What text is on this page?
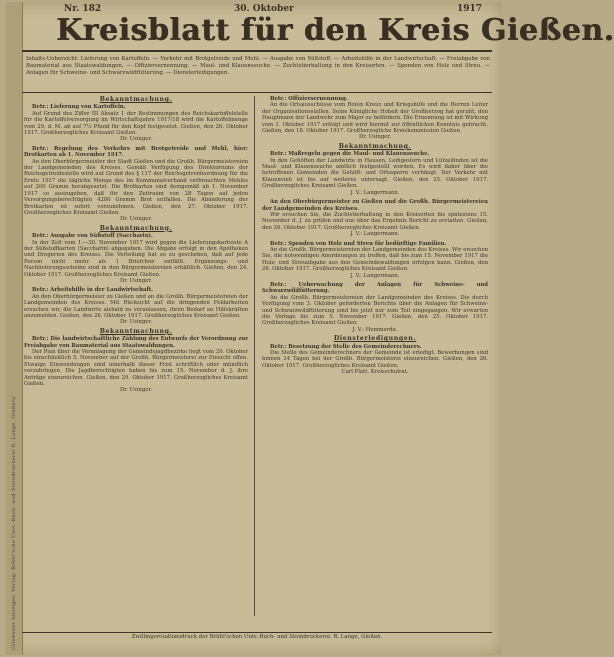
(Gießener Anzeiger, Verlag: Brühl'sche Univ.-Buch- und Steindruckerei R. Lange, Gießen)
Nr. 182	30. Oktober	1917
Kreisblatt für den Kreis Gießen.
Inhalts-Uebersicht: Lieferung von Kartoffeln. — Verkehr mit Brotgetreide und Mehl. — Ausgabe von Süßstoff. — Arbeitshilfe in der Landwirtschaft. — Freiabgabe von Baumaterial aus Staatswaldungen. — Offiziersernennung. — Maul- und Klauenseuche. — Zuchtstierhaltung in den Kreisorten. — Spenden von Holz und Streu. — Anlagen für Schweine- und Schwarzwildfütterung. — Diensterledigungen.
Bekanntmachung.
Betr.: Lieferung von Kartoffeln.
Auf Grund des Ziffer III Absatz 1 der Bestimmungen des Reichskartoffelstelle für die Kartoffelversorgung im Wirtschaftsjahre 1917/18 wird die Kartoffelmenge vom 29. d. M. ab auf 7¼ Pfund für den Kopf festgesetzt. Gießen, den 26. Oktober 1917. Großherzogliches Kreisamt Gießen.
Dr. Usinger.
Betr.: Regelung des Verkehrs mit Brotgetreide und Mehl, hier: Brotkarten ab 1. November 1917.
An den Oberbürgermeister der Stadt Gießen und die Großh. Bürgermeistereien der Landgemeinden des Kreises. Gemäß Verfügung des Direktoriums der Reichsgetreidestelle wird auf Grund des § 117 der Reichsgetreideordnung für die Ernte 1917 die tägliche Menge des im Kommunalverband verbrauchten Mehles auf 200 Gramm herabgesetzt. Die Brotkarten sind demgemäß ab 1. November 1917 so auszugeben, daß für den Zeitraum von 28 Tagen auf jeden Versorgungsberechtigten 4200 Gramm Brot entfallen. Die Abänderung der Brotkarten ist sofort vorzunehmen. Gießen, den 27. Oktober 1917. Großherzogliches Kreisamt Gießen.
Dr. Usinger.
Bekanntmachung.
Betr.: Ausgabe von Süßstoff (Saccharin).
In der Zeit vom 1.—30. November 1917 wird gegen die Lieferungskarteiste A der Süßstoffkarten (Saccharin) abgegeben. Die Abgabe erfolgt in den Apotheken und Drogerien des Kreises. Die Verteilung hat so zu geschehen, daß auf jede Person nicht mehr als 1 Briefchen entfällt. Ergänzungs- und Nachlieferungsscheine sind in den Bürgermeistereien erhältlich. Gießen, den 24. Oktober 1917. Großherzogliches Kreisamt Gießen.
Dr. Usinger.
Betr.: Arbeitshilfe in der Landwirtschaft.
An den Oberbürgermeister zu Gießen und an die Großh. Bürgermeistereien der Landgemeinden des Kreises. Mit Rücksicht auf die dringenden Feldarbeiten ersuchen wir, die Landwirte alsbald zu veranlassen, ihren Bedarf an Hilfskräften anzumelden. Gießen, den 26. Oktober 1917. Großherzogliches Kreisamt Gießen.
Dr. Usinger.
Bekanntmachung.
Betr.: Die landwirtschaftliche Zählung des Entwurfs der Verordnung zur Freiabgabe von Baumaterial aus Staatswaldungen.
Der Plan über die Veranlagung der Gemeindejagdbezirke liegt vom 29. Oktober bis einschließlich 5. November auf der Großh. Bürgermeisterei zur Einsicht offen. Etwaige Einwendungen sind innerhalb dieser Frist schriftlich oder mündlich vorzubringen. Die Jagdberechtigten haben bis zum 15. November d. J. ihre Anträge einzureichen. Gießen, den 29. Oktober 1917. Großherzogliches Kreisamt Gießen.
Dr. Usinger.
Betr.: Offiziersernennung.
An die Ortsausschüsse vom Roten Kreuz und Kriegshilfe und die Herren Leiter der Organisationsstellen. Seine Königliche Hoheit der Großherzog hat geruht, den Hauptmann der Landwehr zum Major zu befördern. Die Ernennung ist mit Wirkung vom 1. Oktober 1917 erfolgt und wird hiermit zur öffentlichen Kenntnis gebracht. Gießen, den 18. Oktober 1917. Großherzogliche Kreiskommission Gießen.
Dr. Usinger.
Bekanntmachung.
Betr.: Maßregeln gegen die Maul- und Klauenseuche.
In den Gehöften der Landwirte in Hausen, Leihgestern und Lützellinden ist die Maul- und Klauenseuche amtlich festgestellt worden. Es wird daher über die betroffenen Gemeinden die Gehöft- und Ortssperre verhängt. Der Verkehr mit Klauenvieh ist bis auf weiteres untersagt. Gießen, den 25. Oktober 1917. Großherzogliches Kreisamt Gießen.
J. V.: Langermann.
An den Oberbürgermeister zu Gießen und die Großh. Bürgermeistereien der Landgemeinden des Kreises.
Wir ersuchen Sie, die Zuchtstierhaltung in den Kreisorten bis spätestens 15. November d. J. zu prüfen und uns über das Ergebnis Bericht zu erstatten. Gießen, den 26. Oktober 1917. Großherzogliches Kreisamt Gießen.
J. V.: Langermann.
Betr.: Spenden von Holz und Streu für bedürftige Familien.
An die Großh. Bürgermeistereien der Landgemeinden des Kreises. Wir ersuchen Sie, die notwendigen Anordnungen zu treffen, daß bis zum 15. November 1917 die Holz- und Streuabgabe aus den Gemeindewaldungen erfolgen kann. Gießen, den 26. Oktober 1917. Großherzogliches Kreisamt Gießen.
J. V.: Langermann.
Betr.: Ueberwachung der Anlagen für Schweine- und Schwarzwildfütterung.
An die Großh. Bürgermeistereien der Landgemeinden des Kreises. Die durch Verfügung vom 3. Oktober geforderten Berichte über die Anlagen für Schweine- und Schwarzwildfütterung sind bis jetzt nur zum Teil eingegangen. Wir erwarten die Vorlage bis zum 5. November 1917. Gießen, den 25. Oktober 1917. Großherzogliches Kreisamt Gießen.
J. V.: Hemmerde.
Diensterledigungen.
Betr.: Besetzung der Stelle des Gemeinderechners.
Die Stelle des Gemeinderechners der Gemeinde ist erledigt. Bewerbungen sind binnen 14 Tagen bei der Großh. Bürgermeisterei einzureichen. Gießen, den 26. Oktober 1917. Großherzogliches Kreisamt Gießen.
Carl Platt, Kreisschulrat.
Zwillingsrotationsdruck der Brühl'schen Univ.-Buch- und Steindruckerei. R. Lange, Gießen.
